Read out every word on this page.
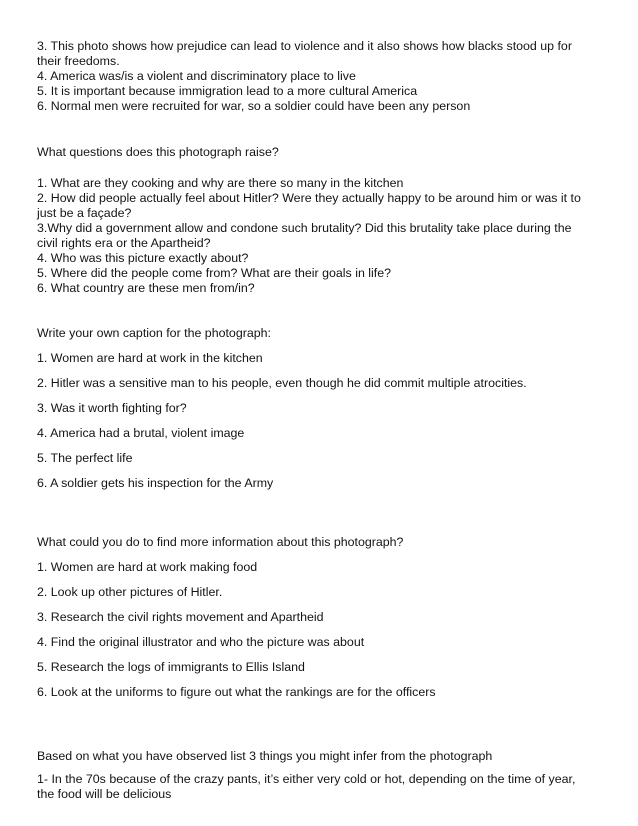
3. This photo shows how prejudice can lead to violence and it also shows how blacks stood up for their freedoms.

4. America was/is a violent and discriminatory place to live

5. It is important because immigration lead to a more cultural America

6. Normal men were recruited for war, so a soldier could have been any person

What questions does this photograph raise?

1. What are they cooking and why are there so many in the kitchen

2. How did people actually feel about Hitler? Were they actually happy to be around him or was it to just be a façade?

3.Why did a government allow and condone such brutality? Did this brutality take place during the civil rights era or the Apartheid?

4. Who was this picture exactly about?

5. Where did the people come from? What are their goals in life?

6. What country are these men from/in?

Write your own caption for the photograph:

1. Women are hard at work in the kitchen

2. Hitler was a sensitive man to his people, even though he did commit multiple atrocities.

3. Was it worth fighting for?

4. America had a brutal, violent image

5. The perfect life

6. A soldier gets his inspection for the Army

What could you do to find more information about this photograph?

1. Women are hard at work making food

2. Look up other pictures of Hitler.

3. Research the civil rights movement and Apartheid

4. Find the original illustrator and who the picture was about

5. Research the logs of immigrants to Ellis Island

6. Look at the uniforms to figure out what the rankings are for the officers

Based on what you have observed list 3 things you might infer from the photograph

1- In the 70s because of the crazy pants, it’s either very cold or hot, depending on the time of year, the food will be delicious
